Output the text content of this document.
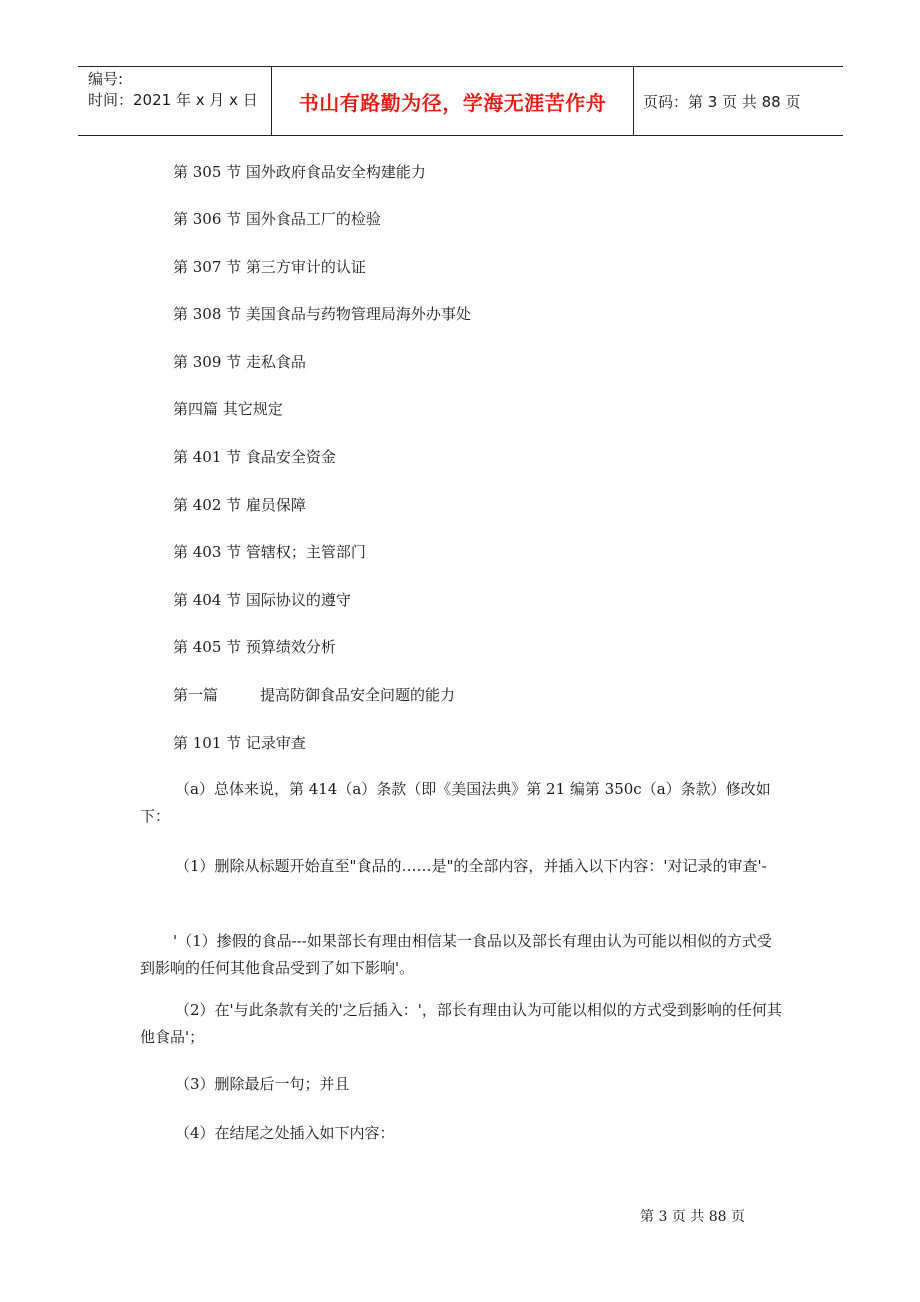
编号:
时间：2021 年 x 月 x 日	书山有路勤为径，学海无涯苦作舟 页码：第 3 页 共 88 页
第 305 节 国外政府食品安全构建能力
第 306 节 国外食品工厂的检验
第 307 节 第三方审计的认证
第 308 节 美国食品与药物管理局海外办事处
第 309 节 走私食品
第四篇 其它规定
第 401 节 食品安全资金
第 402 节 雇员保障
第 403 节 管辖权；主管部门
第 404 节 国际协议的遵守
第 405 节 预算绩效分析
第一篇	提高防御食品安全问题的能力
第 101 节 记录审查
（a）总体来说，第 414（a）条款（即《美国法典》第 21 编第 350c（a）条款）修改如下：
（1）删除从标题开始直至"食品的……是"的全部内容，并插入以下内容：'对记录的审查'-
'（1）掺假的食品---如果部长有理由相信某一食品以及部长有理由认为可能以相似的方式受到影响的任何其他食品受到了如下影响'。
（2）在'与此条款有关的'之后插入：'，部长有理由认为可能以相似的方式受到影响的任何其他食品'；
（3）删除最后一句；并且
（4）在结尾之处插入如下内容：
第 3 页 共 88 页
